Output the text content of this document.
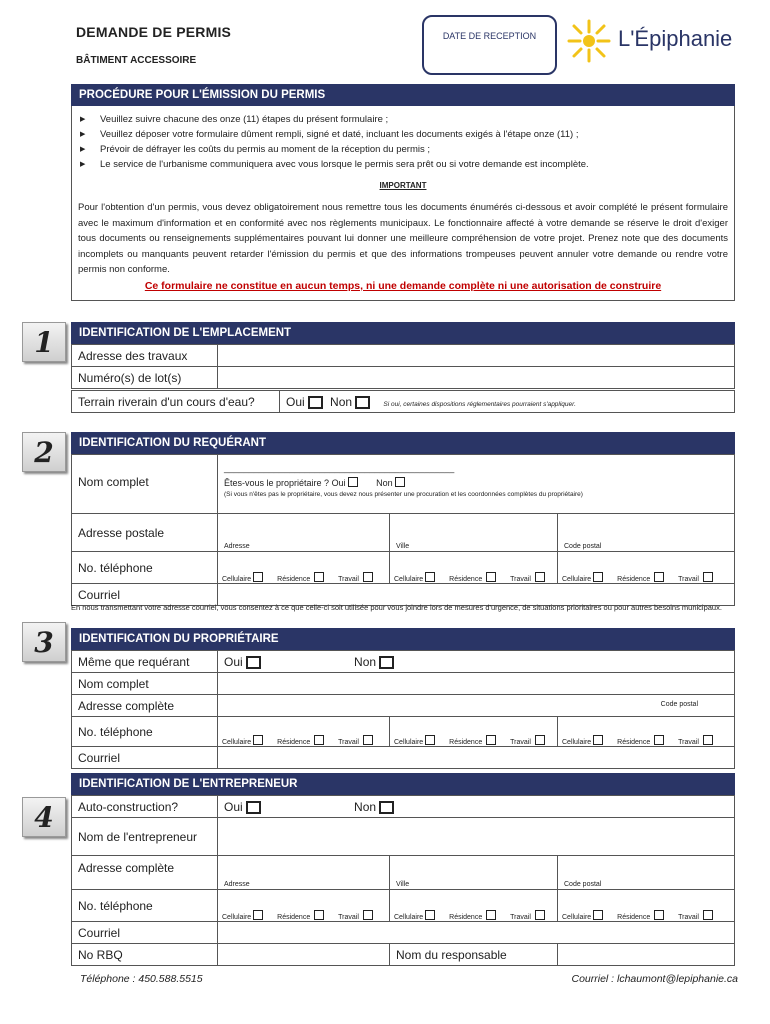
DEMANDE DE PERMIS
BÂTIMENT ACCESSOIRE
DATE DE RECEPTION	L'Épiphanie
PROCÉDURE POUR L'ÉMISSION DU PERMIS
▶ Veuillez suivre chacune des onze (11) étapes du présent formulaire ;
▶ Veuillez déposer votre formulaire dûment rempli, signé et daté, incluant les documents exigés à l'étape onze (11) ;
▶ Prévoir de défrayer les coûts du permis au moment de la réception du permis ;
▶ Le service de l'urbanisme communiquera avec vous lorsque le permis sera prêt ou si votre demande est incomplète.
IMPORTANT
Pour l'obtention d'un permis, vous devez obligatoirement nous remettre tous les documents énumérés ci-dessous et avoir complété le présent formulaire avec le maximum d'information et en conformité avec nos règlements municipaux. Le fonctionnaire affecté à votre demande se réserve le droit d'exiger tous documents ou renseignements supplémentaires pouvant lui donner une meilleure compréhension de votre projet. Prenez note que des documents incomplets ou manquants peuvent retarder l'émission du permis et que des informations trompeuses peuvent annuler votre demande ou rendre votre permis non conforme.
Ce formulaire ne constitue en aucun temps, ni une demande complète ni une autorisation de construire
1	IDENTIFICATION DE L'EMPLACEMENT
Adresse des travaux	
Numéro(s) de lot(s)	
Terrain riverain d'un cours d'eau?	Oui Non	Si oui, certaines dispositions réglementaires pourraient s'appliquer.
2	IDENTIFICATION DU REQUÉRANT
Nom complet	______________________________________________
Êtes-vous le propriétaire ? Oui Non
(Si vous n'êtes pas le propriétaire, vous devez nous présenter une procuration et les coordonnées complètes du propriétaire)		

Adresse postale	Adresse	Ville	Code postal
No. téléphone	Cellulaire Résidence Travail	Cellulaire Résidence Travail	Cellulaire Résidence Travail
Courriel			
En nous transmettant votre adresse courriel, vous consentez à ce que celle-ci soit utilisée pour vous joindre lors de mesures d'urgence, de situations prioritaires ou pour autres besoins municipaux.
3	IDENTIFICATION DU PROPRIÉTAIRE
Même que requérant	Oui Non		
Nom complet			
Adresse complète	Code postal		
No. téléphone	Cellulaire Résidence Travail	Cellulaire Résidence Travail	Cellulaire Résidence Travail
Courriel			
IDENTIFICATION DE L'ENTREPRENEUR
4	Auto-construction?	Oui Non		
Nom de l'entrepreneur			
Adresse complète	Adresse	Ville	Code postal
No. téléphone	Cellulaire Résidence Travail	Cellulaire Résidence Travail	Cellulaire Résidence Travail
Courriel			
No RBQ		Nom du responsable	
Téléphone : 450.588.5515	Courriel : lchaumont@lepiphanie.ca
